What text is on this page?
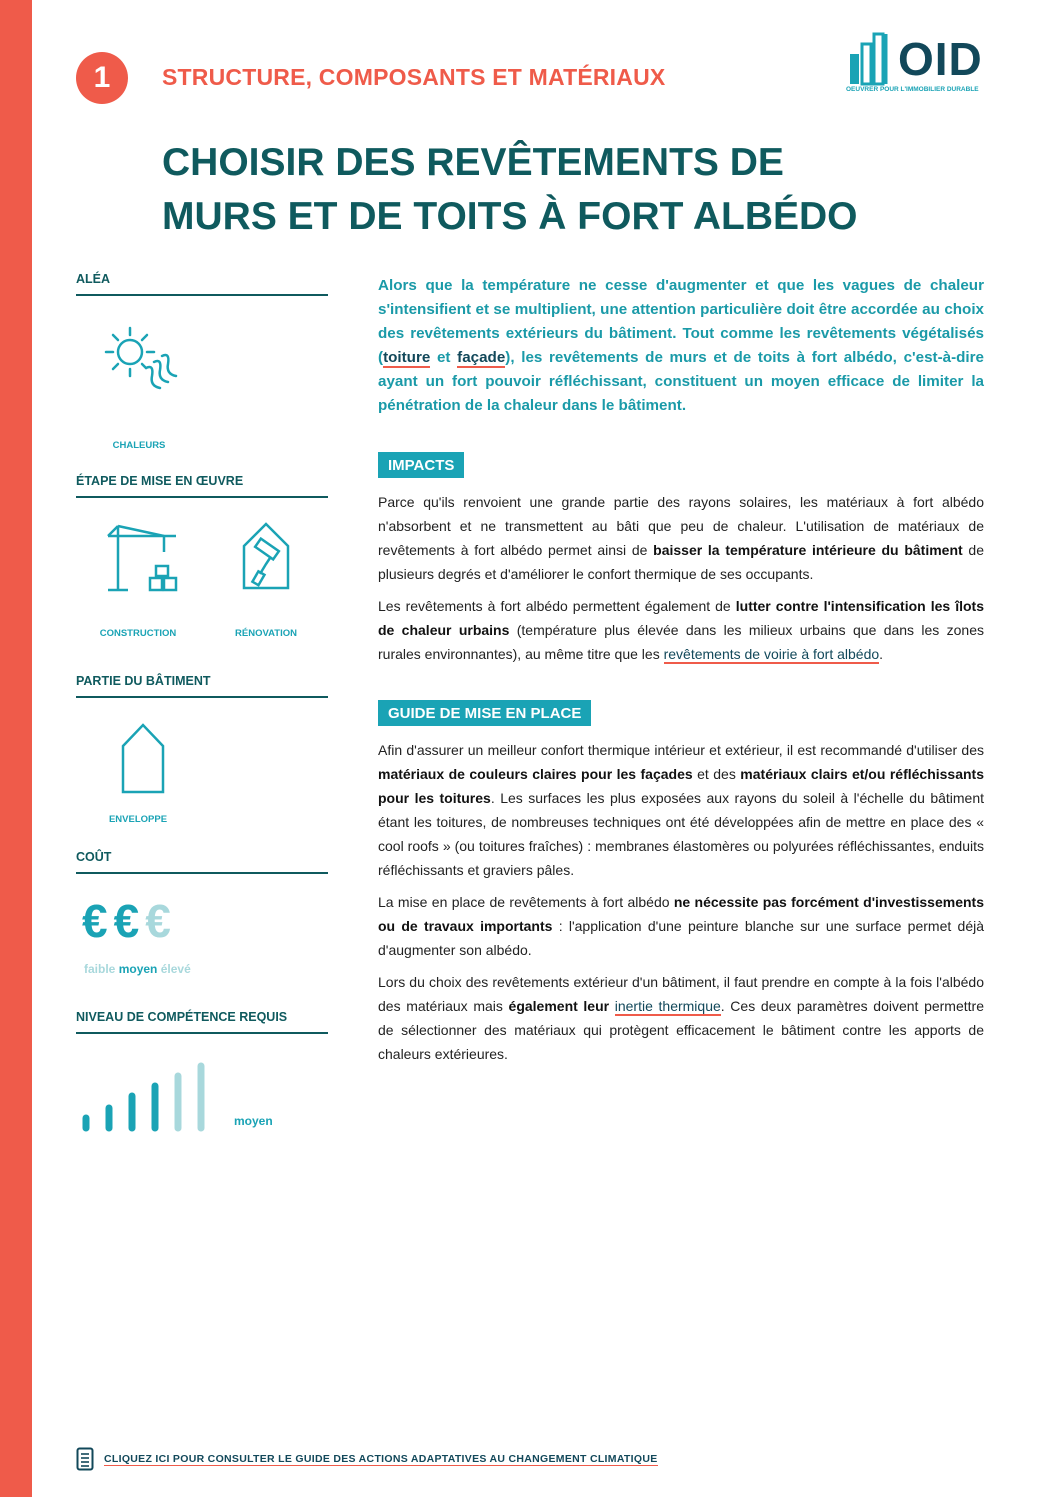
1	STRUCTURE, COMPOSANTS ET MATÉRIAUX	OID
OEUVRER POUR L'IMMOBILIER DURABLE
CHOISIR DES REVÊTEMENTS DE
MURS ET DE TOITS À FORT ALBÉDO

ALÉA

CHALEURS

ÉTAPE DE MISE EN ŒUVRE

CONSTRUCTION	RÉNOVATION

PARTIE DU BÂTIMENT

ENVELOPPE

COÛT

€€€
faible moyen élevé

NIVEAU DE COMPÉTENCE REQUIS

moyen

Alors que la température ne cesse d'augmenter et que les vagues de chaleur s'intensifient et se multiplient, une attention particulière doit être accordée au choix des revêtements extérieurs du bâtiment. Tout comme les revêtements végétalisés (toiture et façade), les revêtements de murs et de toits à fort albédo, c'est-à-dire ayant un fort pouvoir réfléchissant, constituent un moyen efficace de limiter la pénétration de la chaleur dans le bâtiment.

IMPACTS

Parce qu'ils renvoient une grande partie des rayons solaires, les matériaux à fort albédo n'absorbent et ne transmettent au bâti que peu de chaleur. L'utilisation de matériaux de revêtements à fort albédo permet ainsi de baisser la température intérieure du bâtiment de plusieurs degrés et d'améliorer le confort thermique de ses occupants.

Les revêtements à fort albédo permettent également de lutter contre l'intensification les îlots de chaleur urbains (température plus élevée dans les milieux urbains que dans les zones rurales environnantes), au même titre que les revêtements de voirie à fort albédo.

GUIDE DE MISE EN PLACE

Afin d'assurer un meilleur confort thermique intérieur et extérieur, il est recommandé d'utiliser des matériaux de couleurs claires pour les façades et des matériaux clairs et/ou réfléchissants pour les toitures. Les surfaces les plus exposées aux rayons du soleil à l'échelle du bâtiment étant les toitures, de nombreuses techniques ont été développées afin de mettre en place des « cool roofs » (ou toitures fraîches) : membranes élastomères ou polyurées réfléchissantes, enduits réfléchissants et graviers pâles.

La mise en place de revêtements à fort albédo ne nécessite pas forcément d'investissements ou de travaux importants : l'application d'une peinture blanche sur une surface permet déjà d'augmenter son albédo.

Lors du choix des revêtements extérieur d'un bâtiment, il faut prendre en compte à la fois l'albédo des matériaux mais également leur inertie thermique. Ces deux paramètres doivent permettre de sélectionner des matériaux qui protègent efficacement le bâtiment contre les apports de chaleurs extérieures.

CLIQUEZ ICI POUR CONSULTER LE GUIDE DES ACTIONS ADAPTATIVES AU CHANGEMENT CLIMATIQUE
